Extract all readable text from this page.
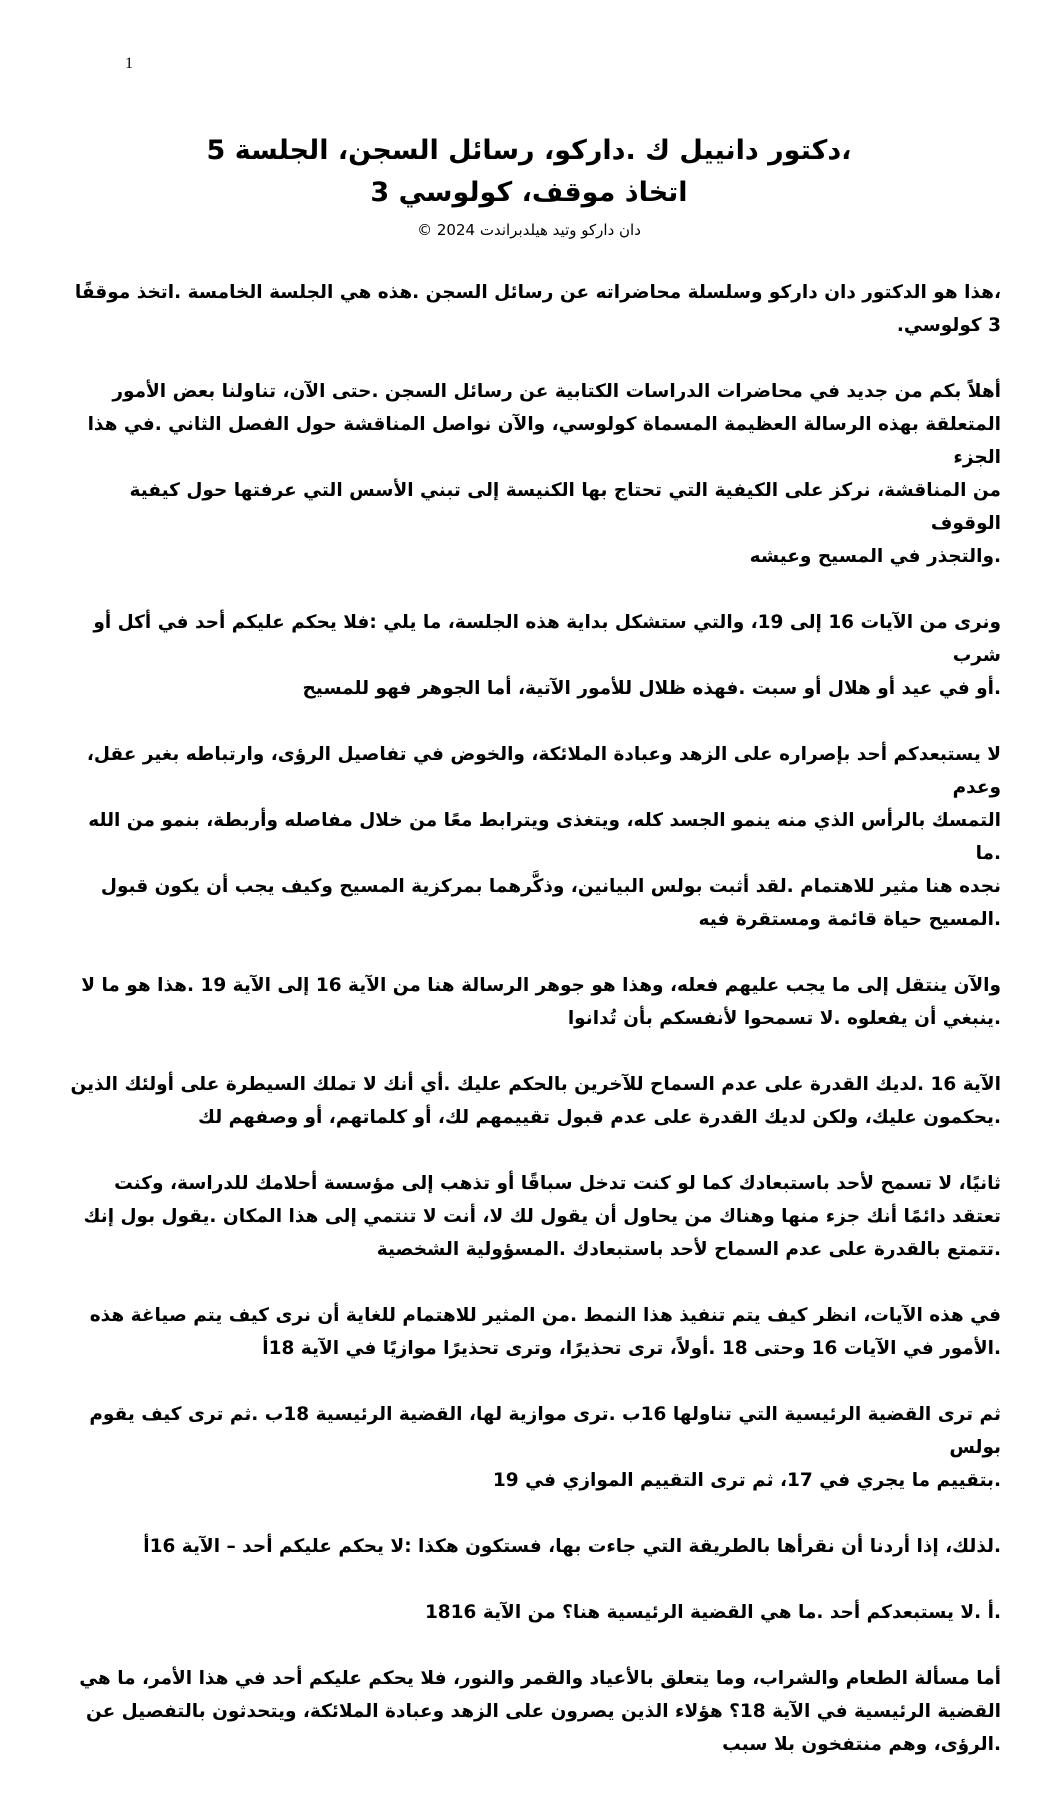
1
،دكتور دانييل ك .داركو، رسائل السجن، الجلسة 5
اتخاذ موقف، كولوسي 3
دان داركو وتيد هيلدبراندت 2024 ©
،هذا هو الدكتور دان داركو وسلسلة محاضراته عن رسائل السجن .هذه هي الجلسة الخامسة .اتخذ موقفًا
3 كولوسي.
أهلاً بكم من جديد في محاضرات الدراسات الكتابية عن رسائل السجن .حتى الآن، تناولنا بعض الأمور
المتعلقة بهذه الرسالة العظيمة المسماة كولوسي، والآن نواصل المناقشة حول الفصل الثاني .في هذا الجزء
من المناقشة، نركز على الكيفية التي تحتاج بها الكنيسة إلى تبني الأسس التي عرفتها حول كيفية الوقوف
.والتجذر في المسيح وعيشه
ونرى من الآيات 16 إلى 19، والتي ستشكل بداية هذه الجلسة، ما يلي :فلا يحكم عليكم أحد في أكل أو شرب
.أو في عيد أو هلال أو سبت .فهذه ظلال للأمور الآتية، أما الجوهر فهو للمسيح
لا يستبعدكم أحد بإصراره على الزهد وعبادة الملائكة، والخوض في تفاصيل الرؤى، وارتباطه بغير عقل، وعدم
التمسك بالرأس الذي منه ينمو الجسد كله، ويتغذى ويترابط معًا من خلال مفاصله وأربطة، بنمو من الله .ما
نجده هنا مثير للاهتمام .لقد أثبت بولس البيانين، وذكَّرهما بمركزية المسيح وكيف يجب أن يكون قبول
.المسيح حياة قائمة ومستقرة فيه
والآن ينتقل إلى ما يجب عليهم فعله، وهذا هو جوهر الرسالة هنا من الآية 16 إلى الآية 19 .هذا هو ما لا
.ينبغي أن يفعلوه .لا تسمحوا لأنفسكم بأن تُدانوا
الآية 16 .لديك القدرة على عدم السماح للآخرين بالحكم عليك .أي أنك لا تملك السيطرة على أولئك الذين
.يحكمون عليك، ولكن لديك القدرة على عدم قبول تقييمهم لك، أو كلماتهم، أو وصفهم لك
ثانيًا، لا تسمح لأحد باستبعادك كما لو كنت تدخل سباقًا أو تذهب إلى مؤسسة أحلامك للدراسة، وكنت
تعتقد دائمًا أنك جزء منها وهناك من يحاول أن يقول لك لا، أنت لا تنتمي إلى هذا المكان .يقول بول إنك
.تتمتع بالقدرة على عدم السماح لأحد باستبعادك .المسؤولية الشخصية
في هذه الآيات، انظر كيف يتم تنفيذ هذا النمط .من المثير للاهتمام للغاية أن نرى كيف يتم صياغة هذه
.الأمور في الآيات 16 وحتى 18 .أولاً، ترى تحذيرًا، وترى تحذيرًا موازيًا في الآية 18أ
ثم ترى القضية الرئيسية التي تناولها 16ب .ترى موازية لها، القضية الرئيسية 18ب .ثم ترى كيف يقوم بولس
.بتقييم ما يجري في 17، ثم ترى التقييم الموازي في 19
.لذلك، إذا أردنا أن نقرأها بالطريقة التي جاءت بها، فستكون هكذا :لا يحكم عليكم أحد – الآية 16أ
.أ .لا يستبعدكم أحد .ما هي القضية الرئيسية هنا؟ من الآية 1816
أما مسألة الطعام والشراب، وما يتعلق بالأعياد والقمر والنور، فلا يحكم عليكم أحد في هذا الأمر، ما هي
القضية الرئيسية في الآية 18؟ هؤلاء الذين يصرون على الزهد وعبادة الملائكة، ويتحدثون بالتفصيل عن
.الرؤى، وهم منتفخون بلا سبب
